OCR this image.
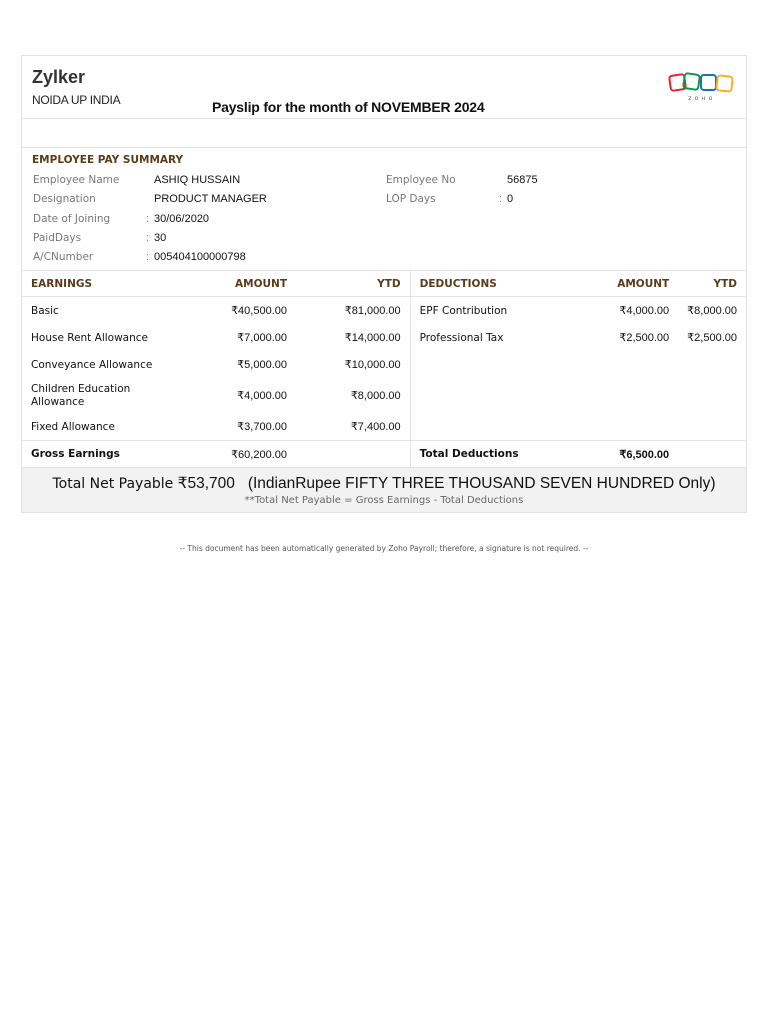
Zylker
NOIDA UP INDIA	Payslip for the month of NOVEMBER 2024	ZOHO
EMPLOYEE PAY SUMMARY
Employee Name	ASHIQ HUSSAIN
Designation	PRODUCT MANAGER
Date of Joining	: 30/06/2020
PaidDays	: 30
A/CNumber	: 005404100000798
Employee No	56875
LOP Days	: 0
EARNINGS	AMOUNT	YTD	DEDUCTIONS	AMOUNT	YTD
Basic	₹40,500.00	₹81,000.00	EPF Contribution	₹4,000.00	₹8,000.00
House Rent Allowance	₹7,000.00	₹14,000.00	Professional Tax	₹2,500.00	₹2,500.00
Conveyance Allowance	₹5,000.00	₹10,000.00			
Children Education Allowance	₹4,000.00	₹8,000.00			
Fixed Allowance	₹3,700.00	₹7,400.00			
Gross Earnings	₹60,200.00		Total Deductions	₹6,500.00	
Total Net Payable ₹53,700 (IndianRupee FIFTY THREE THOUSAND SEVEN HUNDRED Only)
**Total Net Payable = Gross Earnings - Total Deductions
-- This document has been automatically generated by Zoho Payroll; therefore, a signature is not required. --
